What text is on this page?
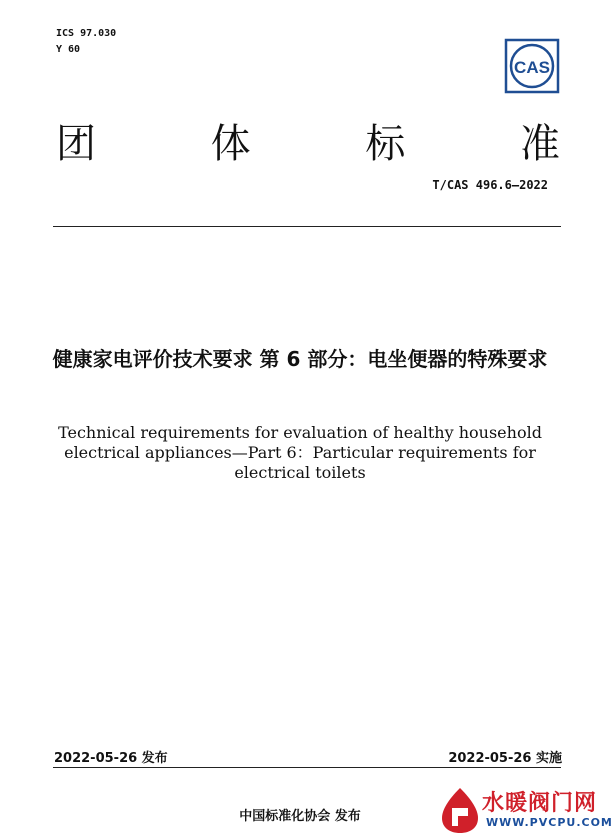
ICS 97.030
Y 60
CAS
团	体	标	准
T/CAS 496.6—2022
健康家电评价技术要求 第 6 部分：电坐便器的特殊要求
Technical requirements for evaluation of healthy household electrical appliances—Part 6：Particular requirements for electrical toilets
2022-05-26 发布	2022-05-26 实施
中国标准化协会 发布
水暖阀门网
WWW.PVCPU.COM
